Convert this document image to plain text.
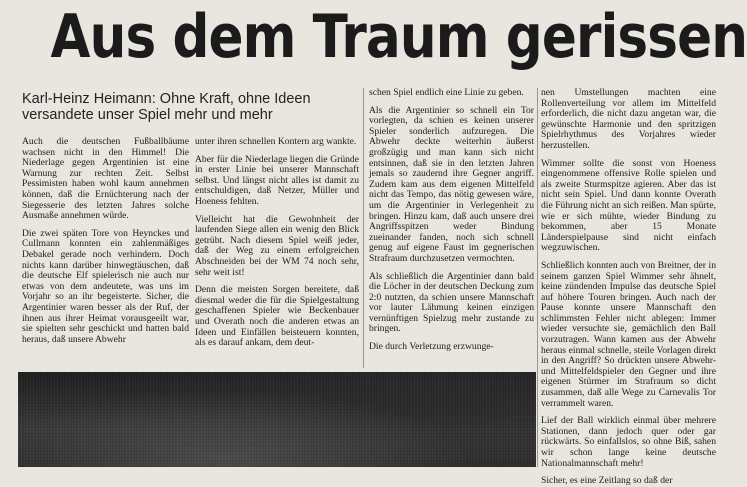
Aus dem Traum gerissen
Karl-Heinz Heimann: Ohne Kraft, ohne Ideen versandete unser Spiel mehr und mehr

Auch die deutschen Fußballbäume wachsen nicht in den Himmel! Die Niederlage gegen Argentinien ist eine Warnung zur rechten Zeit. Selbst Pessimisten haben wohl kaum annehmen können, daß die Ernüchterung nach der Siegesserie des letzten Jahres solche Ausmaße annehmen würde.

Die zwei späten Tore von Heynckes und Cullmann konnten ein zahlenmäßiges Debakel gerade noch verhindern. Doch nichts kann darüber hinwegtäuschen, daß die deutsche Elf spielerisch nie auch nur etwas von dem andeutete, was uns im Vorjahr so an ihr begeisterte. Sicher, die Argentinier waren besser als der Ruf, der ihnen aus ihrer Heimat vorausgeeilt war, sie spielten sehr geschickt und hatten bald heraus, daß unsere Abwehr

unter ihren schnellen Kontern arg wankte.

Aber für die Niederlage liegen die Gründe in erster Linie bei unserer Mannschaft selbst. Und längst nicht alles ist damit zu entschuldigen, daß Netzer, Müller und Hoeness fehlten.

Vielleicht hat die Gewohnheit der laufenden Siege allen ein wenig den Blick getrübt. Nach diesem Spiel weiß jeder, daß der Weg zu einem erfolgreichen Abschneiden bei der WM 74 noch sehr, sehr weit ist!

Denn die meisten Sorgen bereitete, daß diesmal weder die für die Spielgestaltung geschaffenen Spieler wie Beckenbauer und Overath noch die anderen etwas an Ideen und Einfällen beisteuern konnten, als es darauf ankam, dem deut-

schen Spiel endlich eine Linie zu geben.

Als die Argentinier so schnell ein Tor vorlegten, da schien es keinen unserer Spieler sonderlich aufzuregen. Die Abwehr deckte weiterhin äußerst großzügig und man kann sich nicht entsinnen, daß sie in den letzten Jahren jemals so zaudernd ihre Gegner angriff. Zudem kam aus dem eigenen Mittelfeld nicht das Tempo, das nötig gewesen wäre, um die Argentinier in Verlegenheit zu bringen. Hinzu kam, daß auch unsere drei Angriffsspitzen weder Bindung zueinander fanden, noch sich schnell genug auf eigene Faust im gegnerischen Strafraum durchzusetzen vermochten.

Als schließlich die Argentinier dann bald die Löcher in der deutschen Deckung zum 2:0 nutzten, da schien unsere Mannschaft vor lauter Lähmung keinen einzigen vernünftigen Spielzug mehr zustande zu bringen.

Die durch Verletzung erzwunge-

nen Umstellungen machten eine Rollenverteilung vor allem im Mittelfeld erforderlich, die nicht dazu angetan war, die gewünschte Harmonie und den spritzigen Spielrhythmus des Vorjahres wieder herzustellen.

Wimmer sollte die sonst von Hoeness eingenommene offensive Rolle spielen und als zweite Sturmspitze agieren. Aber das ist nicht sein Spiel. Und dann konnte Overath die Führung nicht an sich reißen. Man spürte, wie er sich mühte, wieder Bindung zu bekommen, aber 15 Monate Länderspielpause sind nicht einfach wegzuwischen.

Schließlich konnten auch von Breitner, der in seinem ganzen Spiel Wimmer sehr ähnelt, keine zündenden Impulse das deutsche Spiel auf höhere Touren bringen. Auch nach der Pause konnte unsere Mannschaft den schlimmsten Fehler nicht ablegen: Immer wieder versuchte sie, gemächlich den Ball vorzutragen. Wann kamen aus der Abwehr heraus einmal schnelle, steile Vorlagen direkt in den Angriff? So drückten unsere Abwehr- und Mittelfeldspieler den Gegner und ihre eigenen Stürmer im Strafraum so dicht zusammen, daß alle Wege zu Carnevalis Tor verrammelt waren.

Lief der Ball wirklich einmal über mehrere Stationen, dann jedoch quer oder gar rückwärts. So einfallslos, so ohne Biß, sahen wir schon lange keine deutsche Nationalmannschaft mehr!

Sicher, es eine Zeitlang so daß der
